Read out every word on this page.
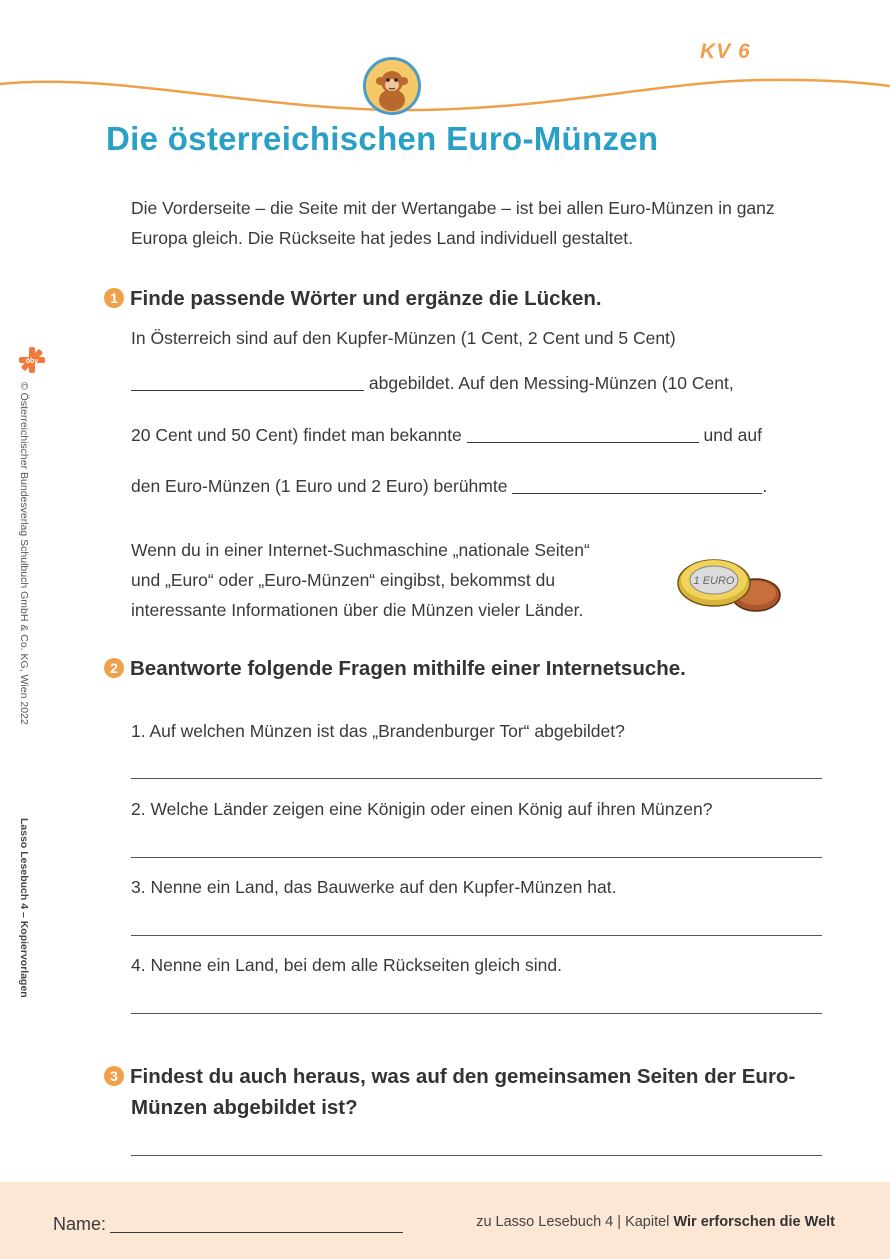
KV 6
Die österreichischen Euro-Münzen
Die Vorderseite – die Seite mit der Wertangabe – ist bei allen Euro-Münzen in ganz
Europa gleich. Die Rückseite hat jedes Land individuell gestaltet.
1 Finde passende Wörter und ergänze die Lücken.
In Österreich sind auf den Kupfer-Münzen (1 Cent, 2 Cent und 5 Cent)
abgebildet. Auf den Messing-Münzen (10 Cent,
20 Cent und 50 Cent) findet man bekannte	und auf
den Euro-Münzen (1 Euro und 2 Euro) berühmte	.
Wenn du in einer Internet-Suchmaschine „nationale Seiten“
und „Euro“ oder „Euro-Münzen“ eingibst, bekommst du
interessante Informationen über die Münzen vieler Länder.
1 EURO
2 Beantworte folgende Fragen mithilfe einer Internetsuche.
1. Auf welchen Münzen ist das „Brandenburger Tor“ abgebildet?
2. Welche Länder zeigen eine Königin oder einen König auf ihren Münzen?
3. Nenne ein Land, das Bauwerke auf den Kupfer-Münzen hat.
4. Nenne ein Land, bei dem alle Rückseiten gleich sind.
3 Findest du auch heraus, was auf den gemeinsamen Seiten der Euro-
Münzen abgebildet ist?
öbv
© Österreichischer Bundesverlag Schulbuch GmbH & Co. KG, Wien 2022
Lasso Lesebuch 4 – Kopiervorlagen
Name:	zu Lasso Lesebuch 4 | Kapitel Wir erforschen die Welt
